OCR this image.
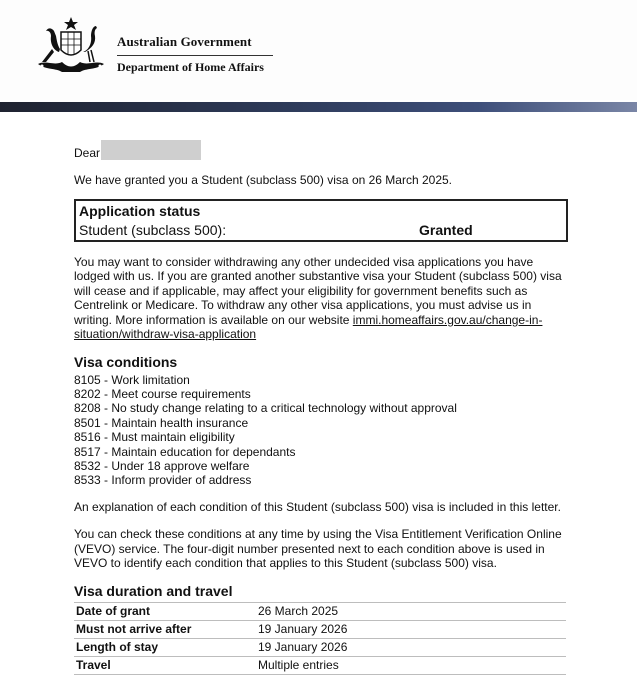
Australian Government
Department of Home Affairs

Dear

We have granted you a Student (subclass 500) visa on 26 March 2025.

Application status
Student (subclass 500):	Granted

You may want to consider withdrawing any other undecided visa applications you have lodged with us. If you are granted another substantive visa your Student (subclass 500) visa will cease and if applicable, may affect your eligibility for government benefits such as Centrelink or Medicare. To withdraw any other visa applications, you must advise us in writing. More information is available on our website immi.homeaffairs.gov.au/change-in-situation/withdraw-visa-application

Visa conditions
8105 - Work limitation
8202 - Meet course requirements
8208 - No study change relating to a critical technology without approval
8501 - Maintain health insurance
8516 - Must maintain eligibility
8517 - Maintain education for dependants
8532 - Under 18 approve welfare
8533 - Inform provider of address

An explanation of each condition of this Student (subclass 500) visa is included in this letter.

You can check these conditions at any time by using the Visa Entitlement Verification Online (VEVO) service. The four-digit number presented next to each condition above is used in VEVO to identify each condition that applies to this Student (subclass 500) visa.

Visa duration and travel
Date of grant	26 March 2025
Must not arrive after	19 January 2026
Length of stay	19 January 2026
Travel	Multiple entries
